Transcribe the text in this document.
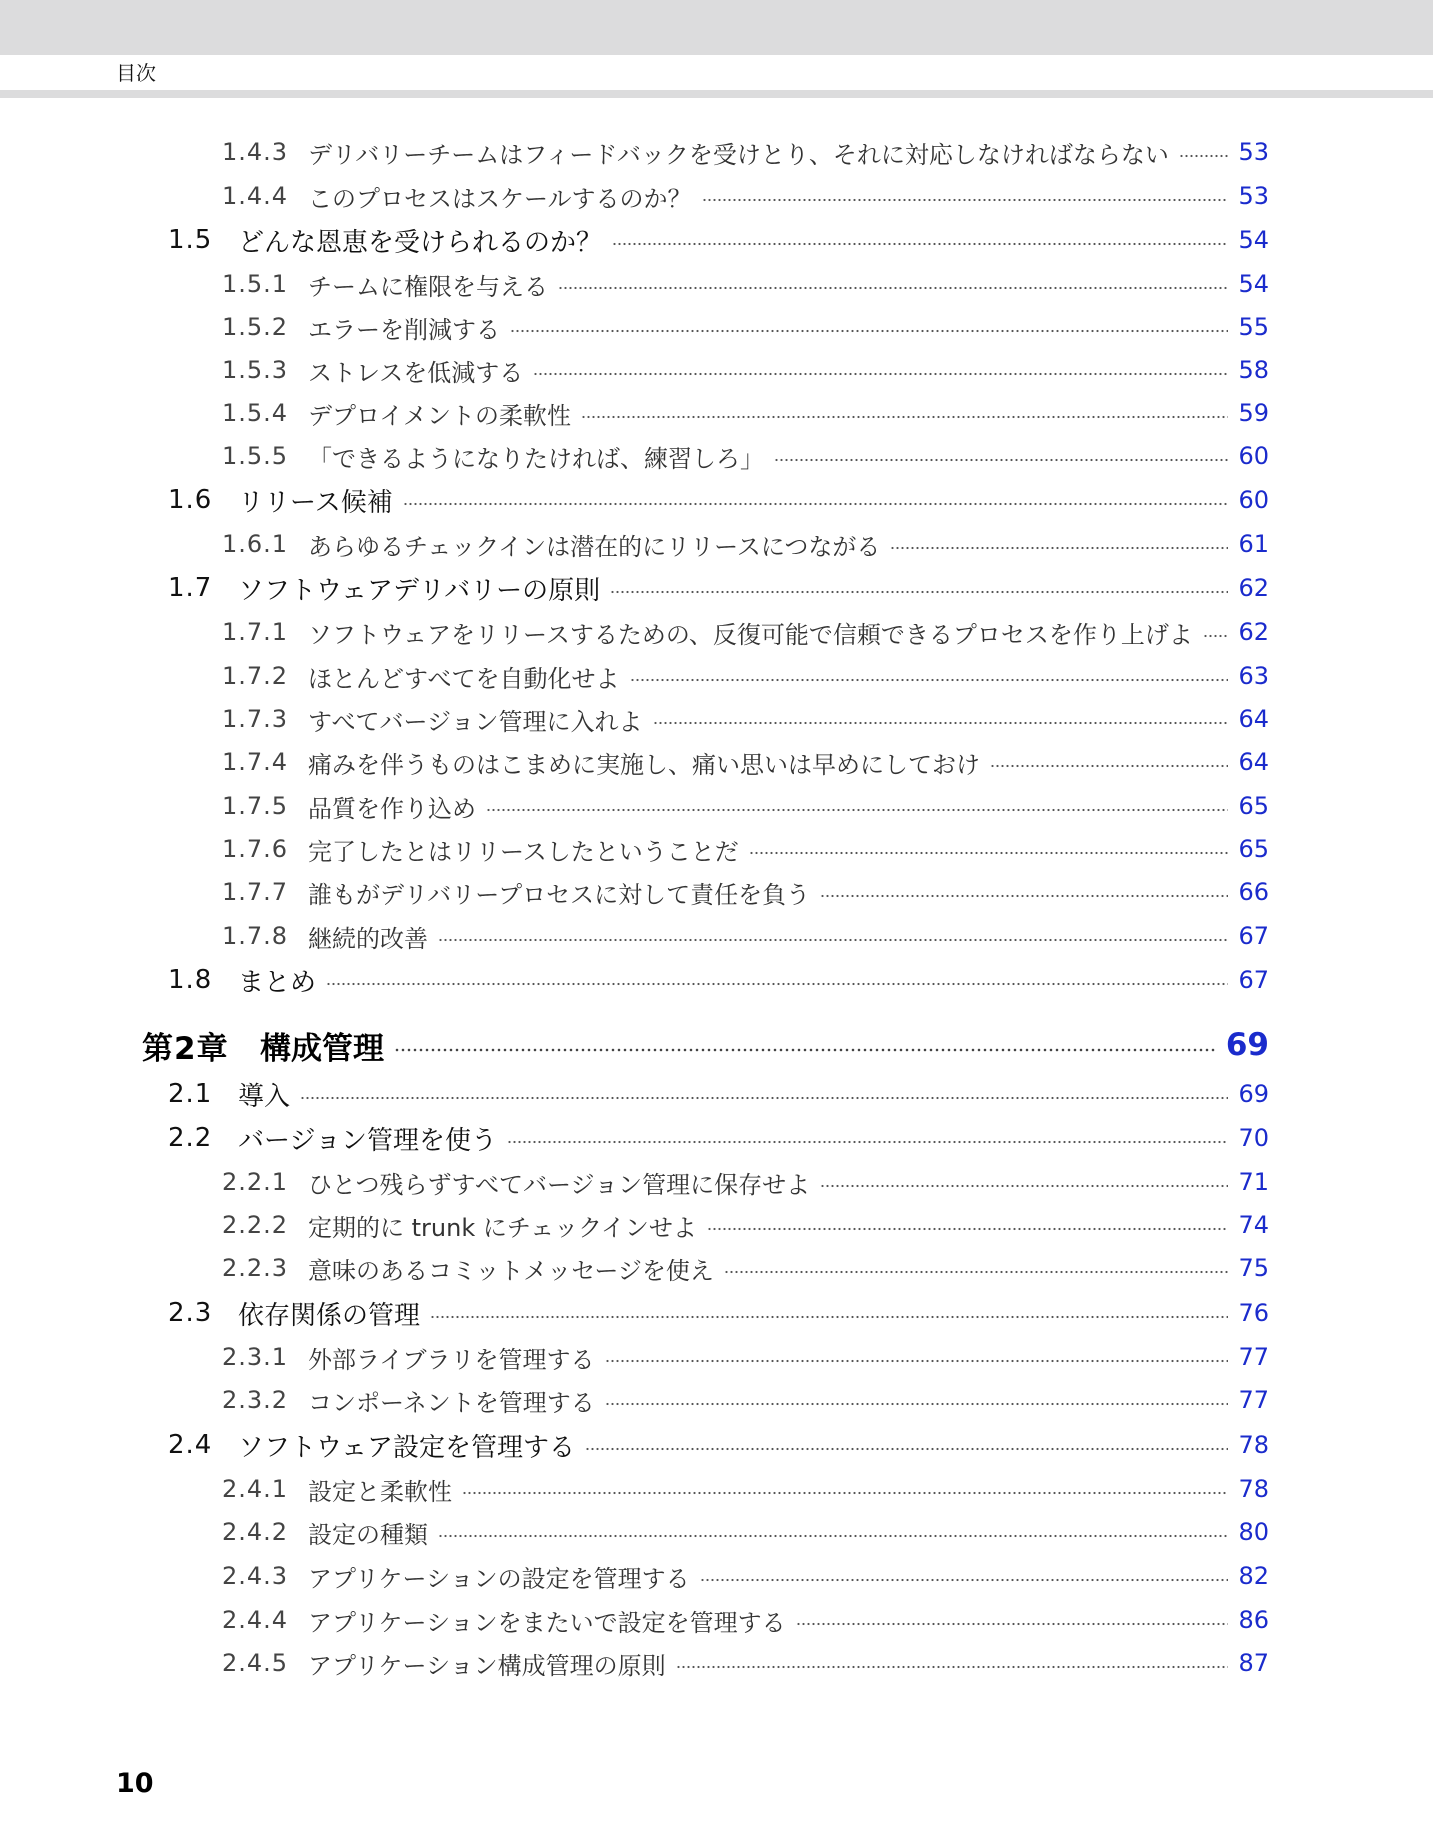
目次
1.4.3 デリバリーチームはフィードバックを受けとり、それに対応しなければならない	53
1.4.4 このプロセスはスケールするのか？	53
1.5 どんな恩恵を受けられるのか？	54
1.5.1 チームに権限を与える	54
1.5.2 エラーを削減する	55
1.5.3 ストレスを低減する	58
1.5.4 デプロイメントの柔軟性	59
1.5.5 「できるようになりたければ、練習しろ」	60
1.6 リリース候補	60
1.6.1 あらゆるチェックインは潜在的にリリースにつながる	61
1.7 ソフトウェアデリバリーの原則	62
1.7.1 ソフトウェアをリリースするための、反復可能で信頼できるプロセスを作り上げよ 62
1.7.2 ほとんどすべてを自動化せよ	63
1.7.3 すべてバージョン管理に入れよ	64
1.7.4 痛みを伴うものはこまめに実施し、痛い思いは早めにしておけ	64
1.7.5 品質を作り込め	65
1.7.6 完了したとはリリースしたということだ	65
1.7.7 誰もがデリバリープロセスに対して責任を負う	66
1.7.8 継続的改善	67
1.8 まとめ	67
第2章	構成管理	69
2.1 導入	69
2.2 バージョン管理を使う	70
2.2.1 ひとつ残らずすべてバージョン管理に保存せよ	71
2.2.2 定期的に trunk にチェックインせよ	74
2.2.3 意味のあるコミットメッセージを使え	75
2.3 依存関係の管理	76
2.3.1 外部ライブラリを管理する	77
2.3.2 コンポーネントを管理する	77
2.4 ソフトウェア設定を管理する	78
2.4.1 設定と柔軟性	78
2.4.2 設定の種類	80
2.4.3 アプリケーションの設定を管理する	82
2.4.4 アプリケーションをまたいで設定を管理する	86
2.4.5 アプリケーション構成管理の原則	87
10
